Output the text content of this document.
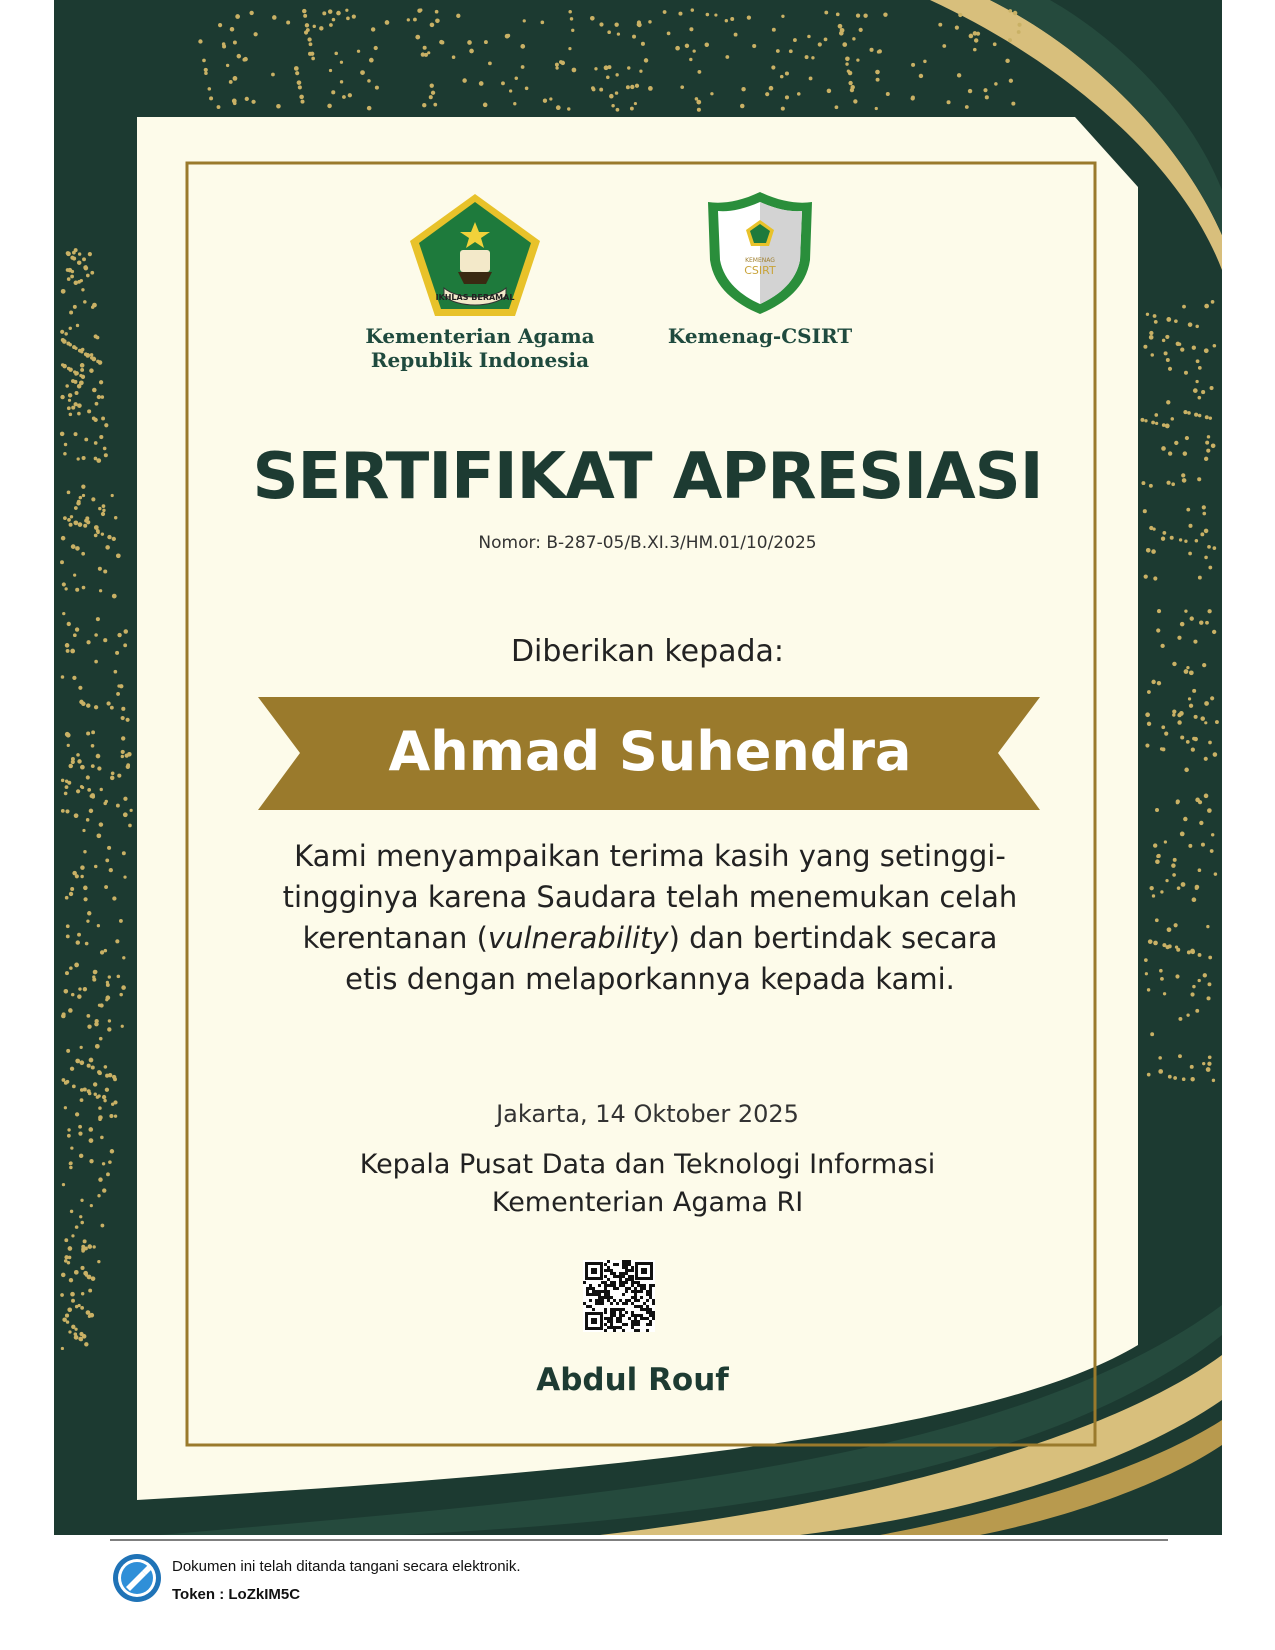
IKHLAS BERAMAL
Kementerian Agama
Republik Indonesia
KEMENAG
CSIRT
Kemenag-CSIRT
SERTIFIKAT APRESIASI
Nomor: B-287-05/B.XI.3/HM.01/10/2025
Diberikan kepada:
Ahmad Suhendra
Kami menyampaikan terima kasih yang setinggi-tingginya karena Saudara telah menemukan celah kerentanan (vulnerability) dan bertindak secara etis dengan melaporkannya kepada kami.
Jakarta, 14 Oktober 2025
Kepala Pusat Data dan Teknologi Informasi
Kementerian Agama RI
Abdul Rouf
Dokumen ini telah ditanda tangani secara elektronik.
Token : LoZkIM5C
